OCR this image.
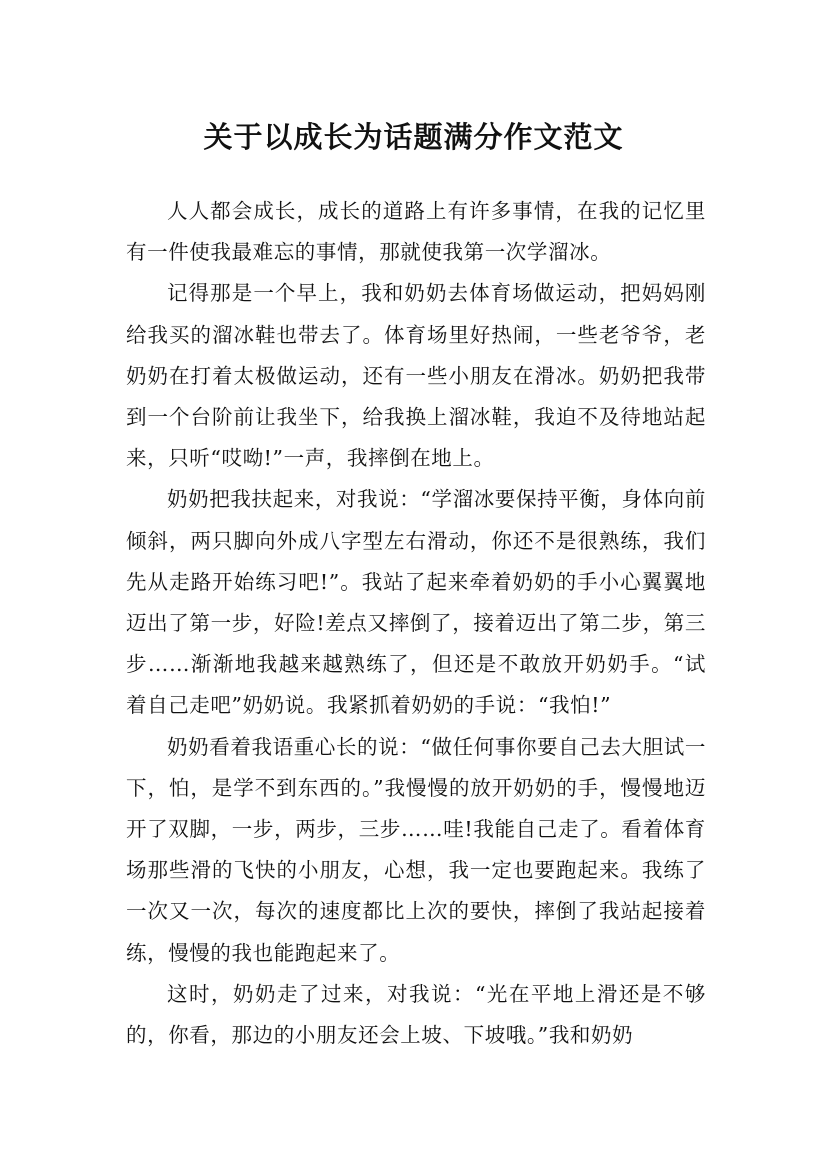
关于以成长为话题满分作文范文

人人都会成长，成长的道路上有许多事情，在我的记忆里有一件使我最难忘的事情，那就使我第一次学溜冰。

记得那是一个早上，我和奶奶去体育场做运动，把妈妈刚给我买的溜冰鞋也带去了。体育场里好热闹，一些老爷爷，老奶奶在打着太极做运动，还有一些小朋友在滑冰。奶奶把我带到一个台阶前让我坐下，给我换上溜冰鞋，我迫不及待地站起来，只听“哎呦!”一声，我摔倒在地上。

奶奶把我扶起来，对我说：“学溜冰要保持平衡，身体向前倾斜，两只脚向外成八字型左右滑动，你还不是很熟练，我们先从走路开始练习吧!”。我站了起来牵着奶奶的手小心翼翼地迈出了第一步，好险!差点又摔倒了，接着迈出了第二步，第三步……渐渐地我越来越熟练了，但还是不敢放开奶奶手。“试着自己走吧”奶奶说。我紧抓着奶奶的手说：“我怕!”

奶奶看着我语重心长的说：“做任何事你要自己去大胆试一下，怕，是学不到东西的。”我慢慢的放开奶奶的手，慢慢地迈开了双脚，一步，两步，三步……哇!我能自己走了。看着体育场那些滑的飞快的小朋友，心想，我一定也要跑起来。我练了一次又一次，每次的速度都比上次的要快，摔倒了我站起接着练，慢慢的我也能跑起来了。

这时，奶奶走了过来，对我说：“光在平地上滑还是不够的，你看，那边的小朋友还会上坡、下坡哦。”我和奶奶
